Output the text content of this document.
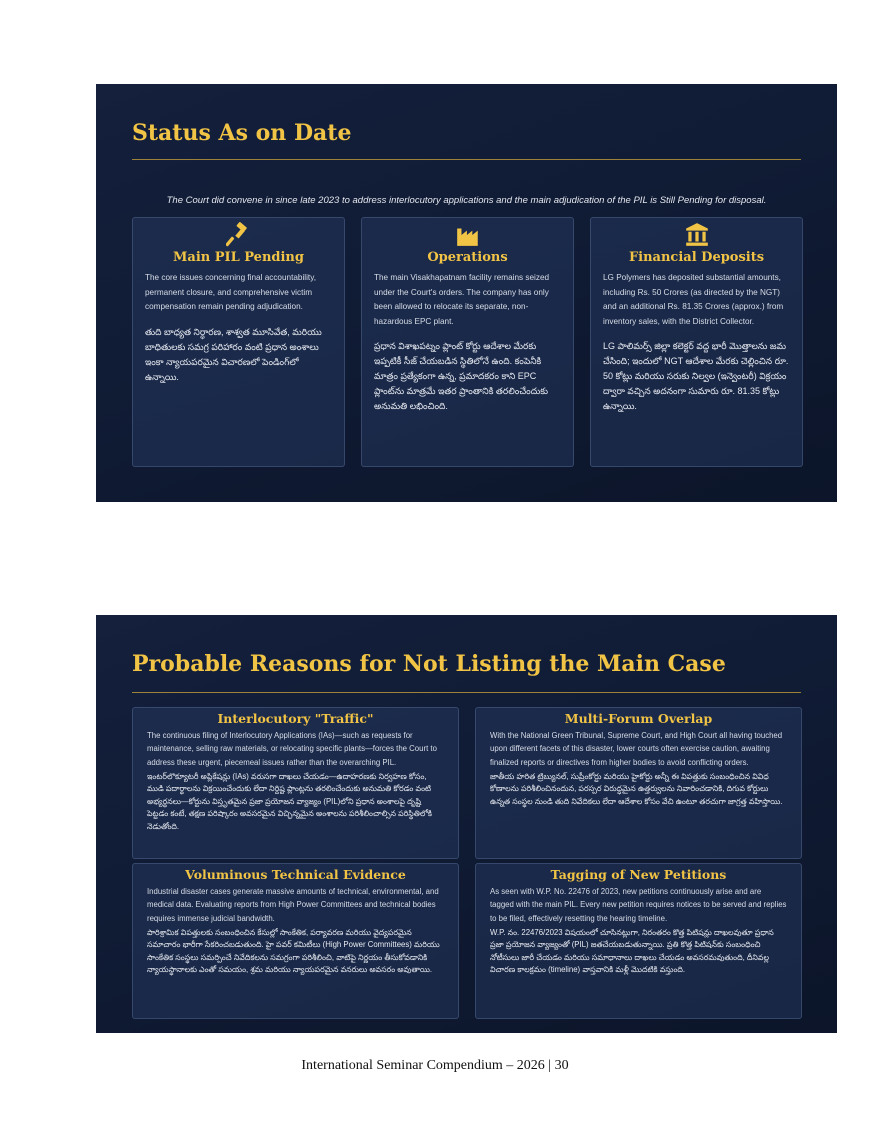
Status As on Date

The Court did convene in since late 2023 to address interlocutory applications and the main adjudication of the PIL is Still Pending for disposal.

Main PIL Pending

The core issues concerning final accountability, permanent closure, and comprehensive victim compensation remain pending adjudication.

తుది బాధ్యత నిర్ధారణ, శాశ్వత మూసివేత, మరియు బాధితులకు సమగ్ర పరిహారం వంటి ప్రధాన అంశాలు ఇంకా న్యాయపరమైన విచారణలో పెండింగ్‌లో ఉన్నాయి.

Operations

The main Visakhapatnam facility remains seized under the Court's orders. The company has only been allowed to relocate its separate, non-hazardous EPC plant.

ప్రధాన విశాఖపట్నం ప్లాంట్ కోర్టు ఆదేశాల మేరకు ఇప్పటికీ సీజ్ చేయబడిన స్థితిలోనే ఉంది. కంపెనీకి మాత్రం ప్రత్యేకంగా ఉన్న, ప్రమాదకరం కాని EPC ప్లాంట్‌ను మాత్రమే ఇతర ప్రాంతానికి తరలించేందుకు అనుమతి లభించింది.

Financial Deposits

LG Polymers has deposited substantial amounts, including Rs. 50 Crores (as directed by the NGT) and an additional Rs. 81.35 Crores (approx.) from inventory sales, with the District Collector.

LG పాలిమర్స్ జిల్లా కలెక్టర్ వద్ద భారీ మొత్తాలను జమ చేసింది; ఇందులో NGT ఆదేశాల మేరకు చెల్లించిన రూ. 50 కోట్లు మరియు సరుకు నిల్వల (ఇన్వెంటరీ) విక్రయం ద్వారా వచ్చిన అదనంగా సుమారు రూ. 81.35 కోట్లు ఉన్నాయి.

Probable Reasons for Not Listing the Main Case
Interlocutory "Traffic"

The continuous filing of Interlocutory Applications (IAs)—such as requests for maintenance, selling raw materials, or relocating specific plants—forces the Court to address these urgent, piecemeal issues rather than the overarching PIL.

ఇంటర్‌లొక్యూటరీ అప్లికేషన్లు (IAs) వరుసగా దాఖలు చేయడం—ఉదాహరణకు నిర్వహణ కోసం, ముడి పదార్థాలను విక్రయించేందుకు లేదా నిర్దిష్ట ప్లాంట్లను తరలించేందుకు అనుమతి కోరడం వంటి అభ్యర్థనలు—కోర్టును విస్తృతమైన ప్రజా ప్రయోజన వ్యాజ్యం (PIL)లోని ప్రధాన అంశాలపై దృష్టి పెట్టడం కంటే, తక్షణ పరిష్కారం అవసరమైన విచ్ఛిన్నమైన అంశాలను పరిశీలించాల్సిన పరిస్థితిలోకి నెడుతోంది.

Multi-Forum Overlap

With the National Green Tribunal, Supreme Court, and High Court all having touched upon different facets of this disaster, lower courts often exercise caution, awaiting finalized reports or directives from higher bodies to avoid conflicting orders.

జాతీయ హరిత ట్రిబ్యునల్, సుప్రీంకోర్టు మరియు హైకోర్టు అన్నీ ఈ విపత్తుకు సంబంధించిన వివిధ కోణాలను పరిశీలించినందున, పరస్పర విరుద్ధమైన ఉత్తర్వులను నివారించడానికి, దిగువ కోర్టులు ఉన్నత సంస్థల నుండి తుది నివేదికలు లేదా ఆదేశాల కోసం వేచి ఉంటూ తరచుగా జాగ్రత్త వహిస్తాయి.

Voluminous Technical Evidence

Industrial disaster cases generate massive amounts of technical, environmental, and medical data. Evaluating reports from High Power Committees and technical bodies requires immense judicial bandwidth.

పారిశ్రామిక విపత్తులకు సంబంధించిన కేసుల్లో సాంకేతిక, పర్యావరణ మరియు వైద్యపరమైన సమాచారం భారీగా సేకరించబడుతుంది. హై పవర్ కమిటీలు (High Power Committees) మరియు సాంకేతిక సంస్థలు సమర్పించే నివేదికలను సమగ్రంగా పరిశీలించి, వాటిపై నిర్ణయం తీసుకోవడానికి న్యాయస్థానాలకు ఎంతో సమయం, శ్రమ మరియు న్యాయపరమైన వనరులు అవసరం అవుతాయి.

Tagging of New Petitions

As seen with W.P. No. 22476 of 2023, new petitions continuously arise and are tagged with the main PIL. Every new petition requires notices to be served and replies to be filed, effectively resetting the hearing timeline.

W.P. నం. 22476/2023 విషయంలో చూసినట్లుగా, నిరంతరం కొత్త పిటిషన్లు దాఖలవుతూ ప్రధాన ప్రజా ప్రయోజన వ్యాజ్యంతో (PIL) జతచేయబడుతున్నాయి. ప్రతి కొత్త పిటిషన్‌కు సంబంధించి నోటీసులు జారీ చేయడం మరియు సమాధానాలు దాఖలు చేయడం అవసరమవుతుంది, దీనివల్ల విచారణ కాలక్రమం (timeline) వాస్తవానికి మళ్లీ మొదటికి వస్తుంది.

International Seminar Compendium – 2026 | 30
